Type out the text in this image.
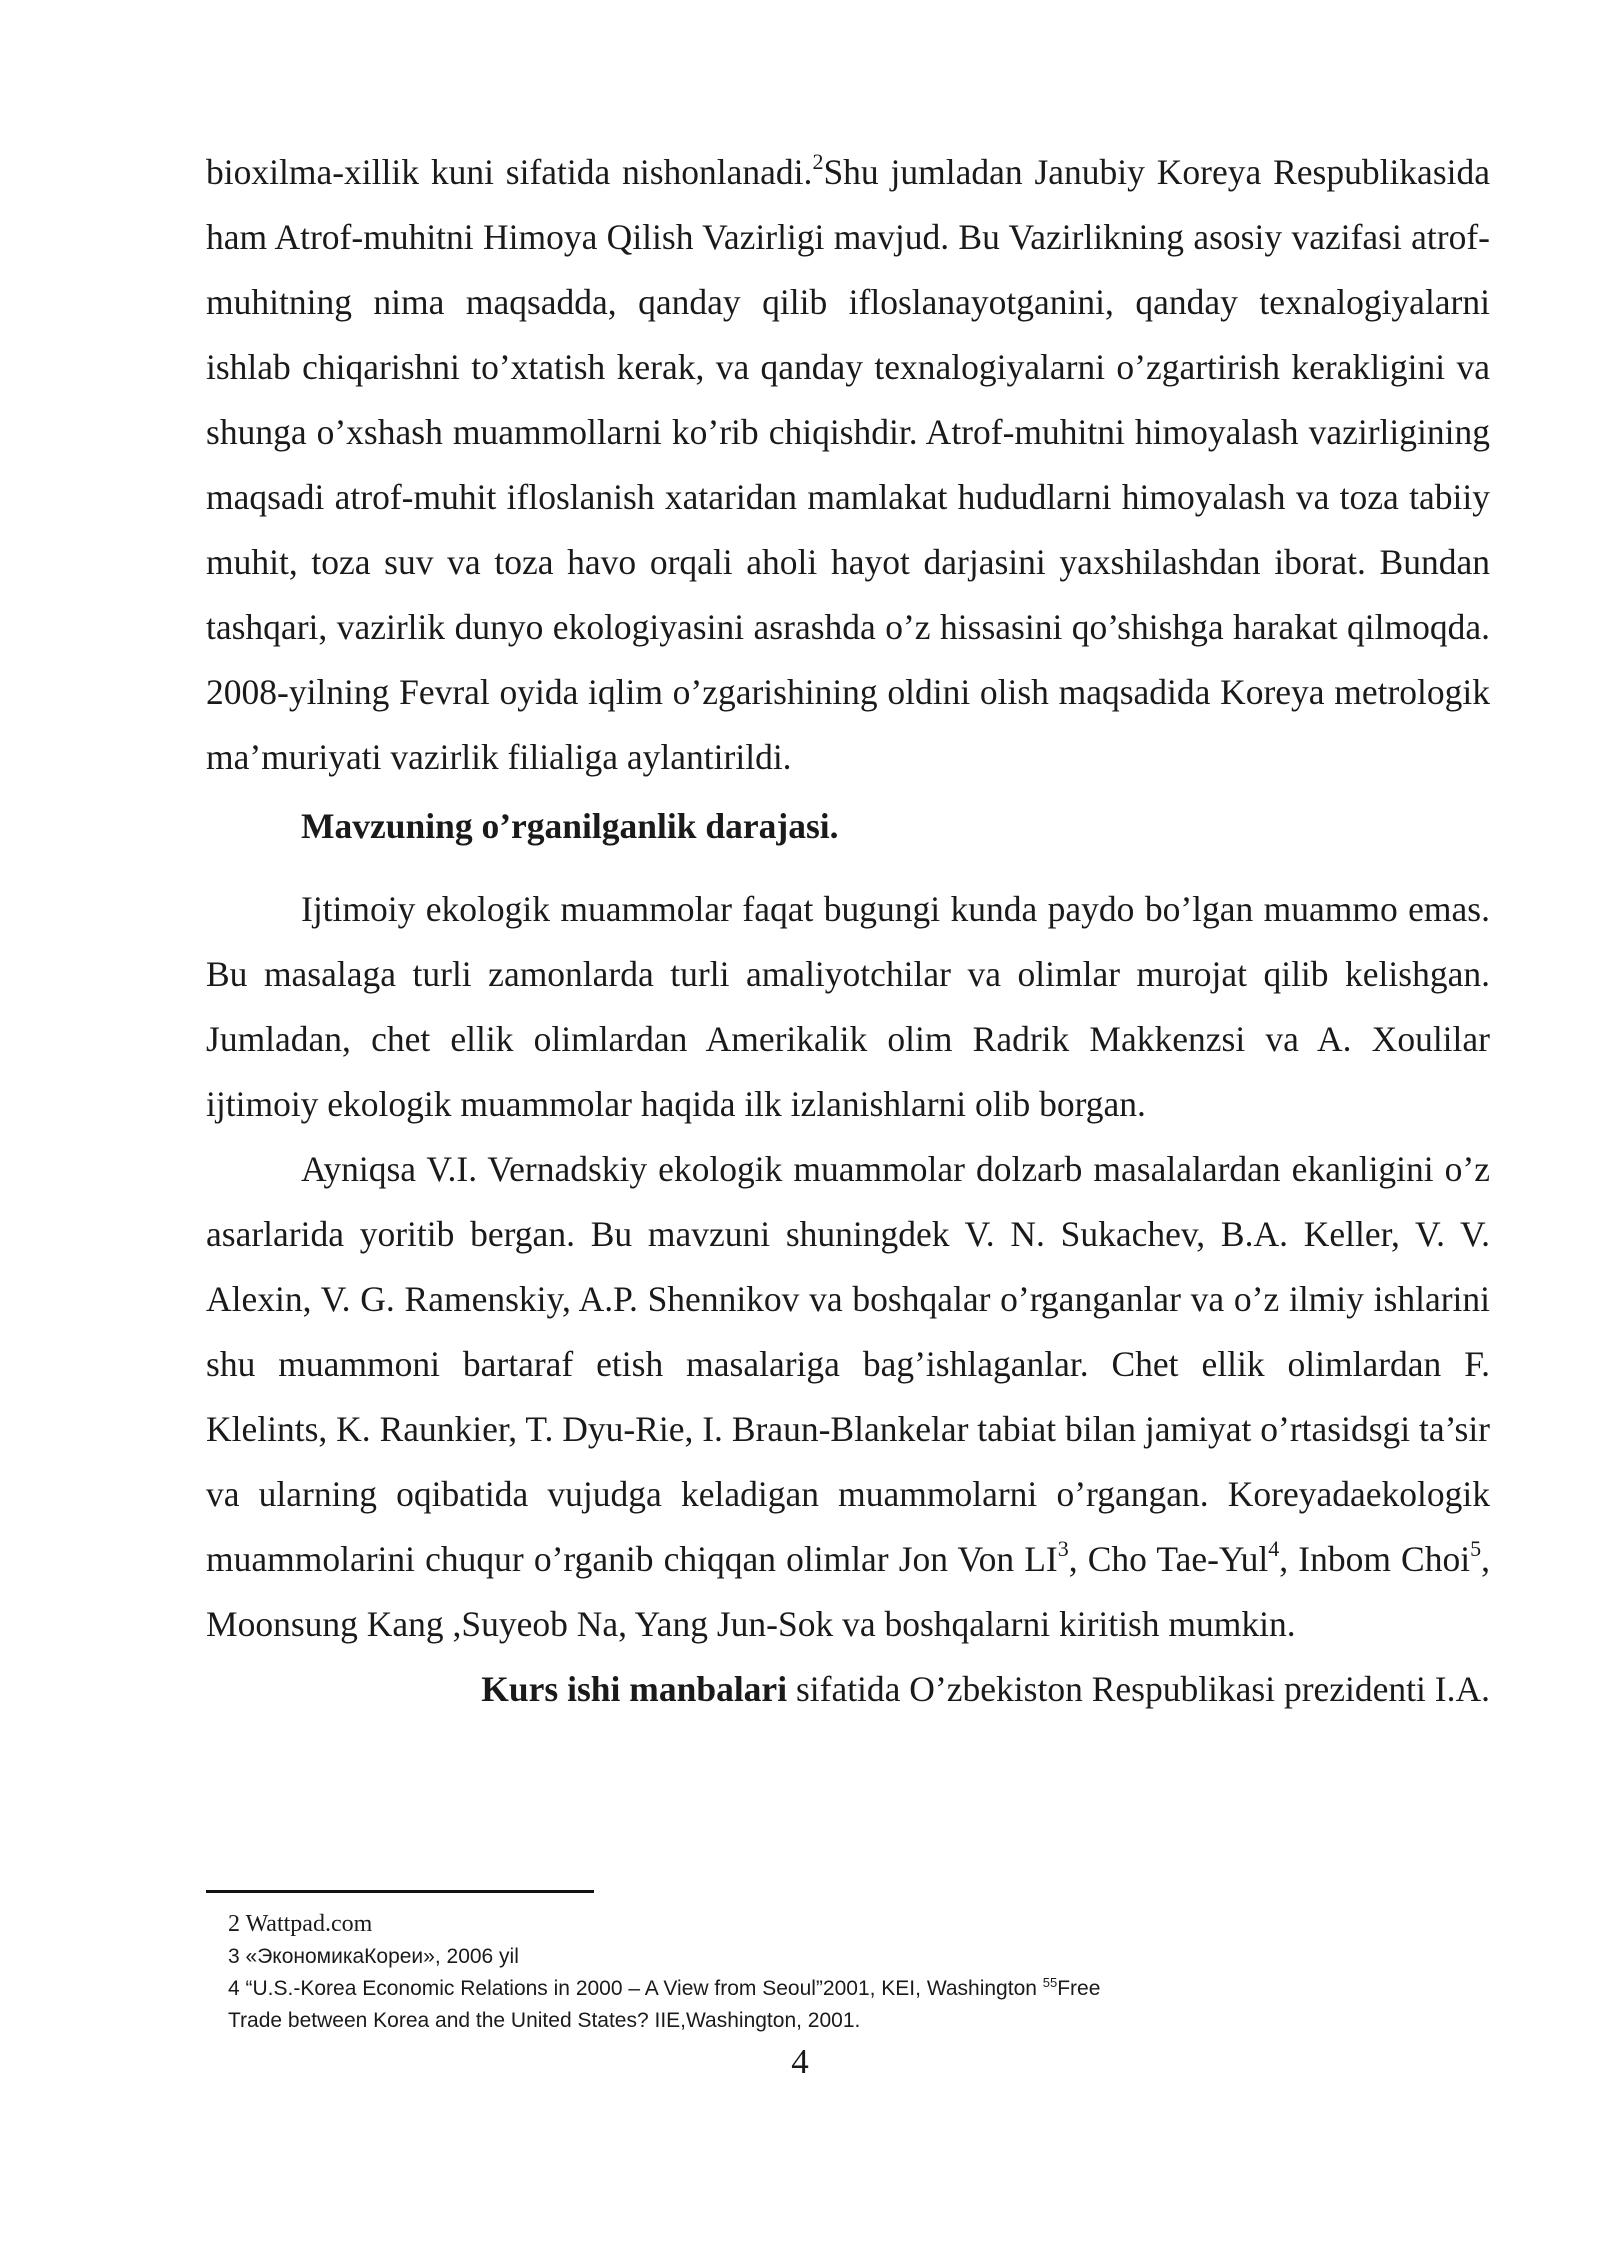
bioxilma-xillik kuni sifatida nishonlanadi.$^2$Shu jumladan Janubiy Koreya Respublikasida ham Atrof-muhitni Himoya Qilish Vazirligi mavjud. Bu Vazirlikning asosiy vazifasi atrof-muhitning nima maqsadda, qanday qilib ifloslanayotganini, qanday texnalogiyalarni ishlab chiqarishni to’xtatish kerak, va qanday texnalogiyalarni o’zgartirish kerakligini va shunga o’xshash muammollarni ko’rib chiqishdir. Atrof-muhitni himoyalash vazirligining maqsadi atrof-muhit ifloslanish xataridan mamlakat hududlarni himoyalash va toza tabiiy muhit, toza suv va toza havo orqali aholi hayot darjasini yaxshilashdan iborat. Bundan tashqari, vazirlik dunyo ekologiyasini asrashda o’z hissasini qo’shishga harakat qilmoqda. 2008-yilning Fevral oyida iqlim o’zgarishining oldini olish maqsadida Koreya metrologik ma’muriyati vazirlik filialiga aylantirildi.

Mavzuning o’rganilganlik darajasi.

Ijtimoiy ekologik muammolar faqat bugungi kunda paydo bo’lgan muammo emas. Bu masalaga turli zamonlarda turli amaliyotchilar va olimlar murojat qilib kelishgan. Jumladan, chet ellik olimlardan Amerikalik olim Radrik Makkenzsi va A. Xoulilar ijtimoiy ekologik muammolar haqida ilk izlanishlarni olib borgan.

Ayniqsa V.I. Vernadskiy ekologik muammolar dolzarb masalalardan ekanligini o’z asarlarida yoritib bergan. Bu mavzuni shuningdek V. N. Sukachev, B.A. Keller, V. V. Alexin, V. G. Ramenskiy, A.P. Shennikov va boshqalar o’rganganlar va o’z ilmiy ishlarini shu muammoni bartaraf etish masalariga bag’ishlaganlar. Chet ellik olimlardan F. Klelints, K. Raunkier, T. Dyu-Rie, I. Braun-Blankelar tabiat bilan jamiyat o’rtasidsgi ta’sir va ularning oqibatida vujudga keladigan muammolarni o’rgangan. Koreyadaekologik muammolarini chuqur o’rganib chiqqan olimlar Jon Von $LI^3$, Cho Tae-Yul$^4$, Inbom Choi$^5$, Moonsung Kang ,Suyeob Na, Yang Jun-Sok va boshqalarni kiritish mumkin.

Kurs ishi manbalari sifatida O’zbekiston Respublikasi prezidenti I.A.

2 Wattpad.com

3 «ЭкономикаКореи», 2006 yil

4 “U.S.-Korea Economic Relations in 2000 – A View from Seoul”2001, KEI, Washington $^{55}$Free

Trade between Korea and the United States? IIE,Washington, 2001.

4
